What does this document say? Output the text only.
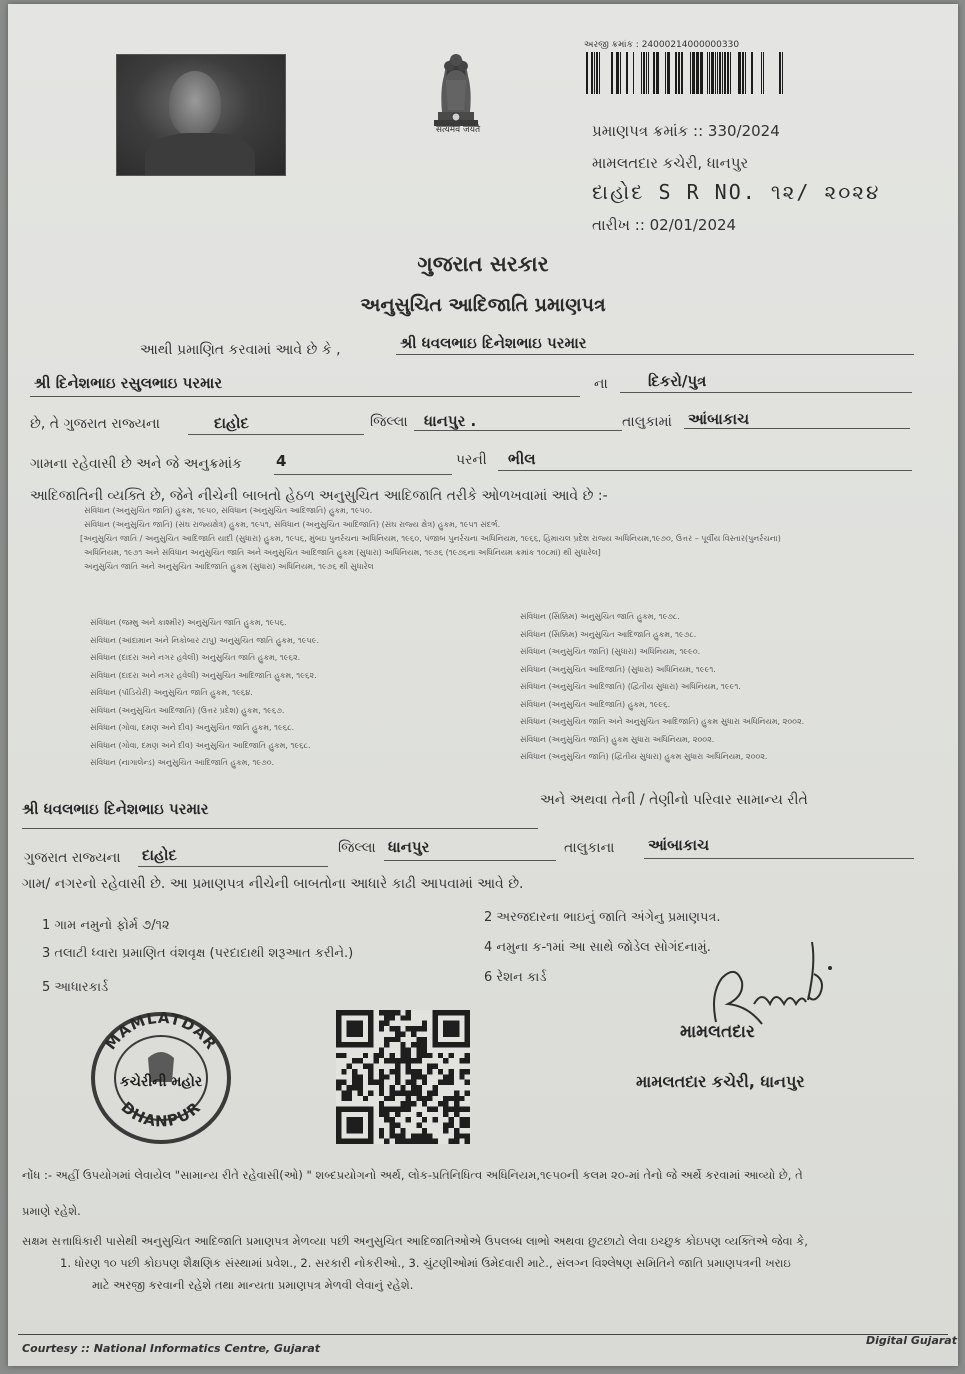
सत्यमेव जयते
અરજી ક્રમાંક : 24000214000000330
પ્રમાણપત્ર ક્રમાંક :: 330/2024
મામલતદાર કચેરી, ધાનપુર
દાહોદ S R NO. ૧૨/ ૨૦૨૪
તારીખ :: 02/01/2024
ગુજરાત સરકાર
અનુસુચિત આદિજાતિ પ્રમાણપત્ર
આથી પ્રમાણિત કરવામાં આવે છે કે ,	શ્રી ધવલભાઇ દિનેશભાઇ પરમાર
શ્રી દિનેશભાઇ રસુલભાઇ પરમાર	ના	દિકરો/પુત્ર
છે, તે ગુજરાત રાજ્યના	દાહોદ	જિલ્લા ધાનપુર .	તાલુકામાં આંબાકાચ
ગામના રહેવાસી છે અને જે અનુક્રમાંક 4	પરની ભીલ
આદિજાતિની વ્યક્તિ છે, જેને નીચેની બાબતો હેઠળ અનુસુચિત આદિજાતિ તરીકે ઓળખવામાં આવે છે :-
સંવિધાન (અનુસુચિત જાતિ) હુકમ, ૧૯૫૦, સંવિધાન (અનુસુચિત આદિજાતિ) હુકમ, ૧૯૫૦.
સંવિધાન (અનુસુચિત જાતિ) (સંઘ રાજ્યક્ષેત્ર) હુકમ, ૧૯૫૧, સંવિધાન (અનુસુચિત આદિજાતિ) (સંઘ રાજ્ય ક્ષેત્ર) હુકમ, ૧૯૫૧ સંદર્ભ.
[અનુસુચિત જાતિ / અનુસુચિત આદિજાતિ યાદી (સુધારા) હુકમ, ૧૯૫૬, મુંબઇ પુનર્રચના અધિનિયમ, ૧૯૬૦, પંજાબ પુનર્રચના અધિનિયમ, ૧૯૬૬, હિમાચલ પ્રદેશ રાજ્ય અધિનિયમ,૧૯૭૦, ઉત્તર – પૂર્વીય વિસ્તાર(પુનર્રચના)
અધિનિયમ, ૧૯૭૧ અને સંવિધાન અનુસુચિત જાતિ અને અનુસુચિત આદિજાતિ હુકમ (સુધારા) અધિનિયમ, ૧૯૭૬ (૧૯૭૬ના અધિનિયમ ક્રમાંક ૧૦૮માં) થી સુધારેલ]
અનુસુચિત જાતિ અને અનુસુચિત આદિજાતિ હુકમ (સુધારા) અધિનિયમ, ૧૯૭૬ થી સુધારેલ
સંવિધાન (જમ્મુ અને કાશ્મીર) અનુસુચિત જાતિ હુકમ, ૧૯૫૬.
સંવિધાન (આંદામાન અને નિકોબાર ટાપુ) અનુસુચિત જાતિ હુકમ, ૧૯૫૯.
સંવિધાન (દાદરા અને નગર હવેલી) અનુસુચિત જાતિ હુકમ, ૧૯૬૨.
સંવિધાન (દાદરા અને નગર હવેલી) અનુસુચિત આદિજાતિ હુકમ, ૧૯૬૨.
સંવિધાન (પૉંડિચેરી) અનુસુચિત જાતિ હુકમ, ૧૯૬૪.
સંવિધાન (અનુસુચિત આદિજાતિ) (ઉત્તર પ્રદેશ) હુકમ, ૧૯૬૭.
સંવિધાન (ગોવા, દમણ અને દીવ) અનુસુચિત જાતિ હુકમ, ૧૯૬૮.
સંવિધાન (ગોવા, દમણ અને દીવ) અનુસુચિત આદિજાતિ હુકમ, ૧૯૬૮.
સંવિધાન (નાગાલેન્ડ) અનુસુચિત આદિજાતિ હુકમ, ૧૯૭૦.
સંવિધાન (સિક્કિમ) અનુસુચિત જાતિ હુકમ, ૧૯૭૮.
સંવિધાન (સિક્કિમ) અનુસુચિત આદિજાતિ હુકમ, ૧૯૭૮.
સંવિધાન (અનુસુચિત જાતિ) (સુધારા) અધિનિયમ, ૧૯૯૦.
સંવિધાન (અનુસુચિત આદિજાતિ) (સુધારા) અધિનિયમ, ૧૯૯૧.
સંવિધાન (અનુસુચિત આદિજાતિ) (દ્વિતીય સુધારા) અધિનિયમ, ૧૯૯૧.
સંવિધાન (અનુસુચિત આદિજાતિ) હુકમ, ૧૯૯૬.
સંવિધાન (અનુસુચિત જાતિ અને અનુસુચિત આદિજાતિ) હુકમ સુધારા અધિનિયમ, ૨૦૦૨.
સંવિધાન (અનુસુચિત જાતિ) હુકમ સુધારા અધિનિયમ, ૨૦૦૨.
સંવિધાન (અનુસુચિત જાતિ) (દ્વિતીય સુધારા) હુકમ સુધારા અધિનિયમ, ૨૦૦૨.
શ્રી ધવલભાઇ દિનેશભાઇ પરમાર	અને અથવા તેની / તેણીનો પરિવાર સામાન્ય રીતે
ગુજરાત રાજ્યના દાહોદ	જિલ્લા ધાનપુર	તાલુકાના આંબાકાચ
ગામ/ નગરનો રહેવાસી છે. આ પ્રમાણપત્ર નીચેની બાબતોના આધારે કાઢી આપવામાં આવે છે.
1 ગામ નમુનો ફોર્મ ૭/૧૨
2 અરજદારના ભાઇનું જાતિ અંગેનુ પ્રમાણપત્ર.
3 તલાટી ધ્વારા પ્રમાણિત વંશવૃક્ષ (પરદાદાથી શરૂઆત કરીને.)	4 નમુના ક-૧માં આ સાથે જોડેલ સોગંદનામું.
5 આધારકાર્ડ
6 રેશન કાર્ડ
MAMLATDAR
DHANPUR
કચેરીની મહોર
મામલતદાર
મામલતદાર કચેરી, ધાનપુર
નોંધ :- અહીં ઉપયોગમાં લેવાયેલ "સામાન્ય રીતે રહેવાસી(ઓ) " શબ્દપ્રયોગનો અર્થ, લોક-પ્રતિનિધિત્વ અધિનિયમ,૧૯૫૦ની કલમ ૨૦-માં તેનો જે અર્થે કરવામાં આવ્યો છે, તે
પ્રમાણે રહેશે.
સક્ષમ સત્તાધિકારી પાસેથી અનુસુચિત આદિજાતિ પ્રમાણપત્ર મેળવ્યા પછી અનુસુચિત આદિજાતિઓએ ઉપલબ્ધ લાભો અથવા છુટછાટો લેવા ઇચ્છુક કોઇપણ વ્યક્તિએ જેવા કે,
1. ધોરણ ૧૦ પછી કોઇપણ શૈક્ષણિક સંસ્થામાં પ્રવેશ., 2. સરકારી નોકરીઓ., 3. ચુંટણીઓમાં ઉમેદવારી માટે., સંલગ્ન વિશ્લેષણ સમિતિને જાતિ પ્રમાણપત્રની ખરાઇ
માટે અરજી કરવાની રહેશે તથા માન્યતા પ્રમાણપત્ર મેળવી લેવાનું રહેશે.
Courtesy :: National Informatics Centre, Gujarat
Digital Gujarat
